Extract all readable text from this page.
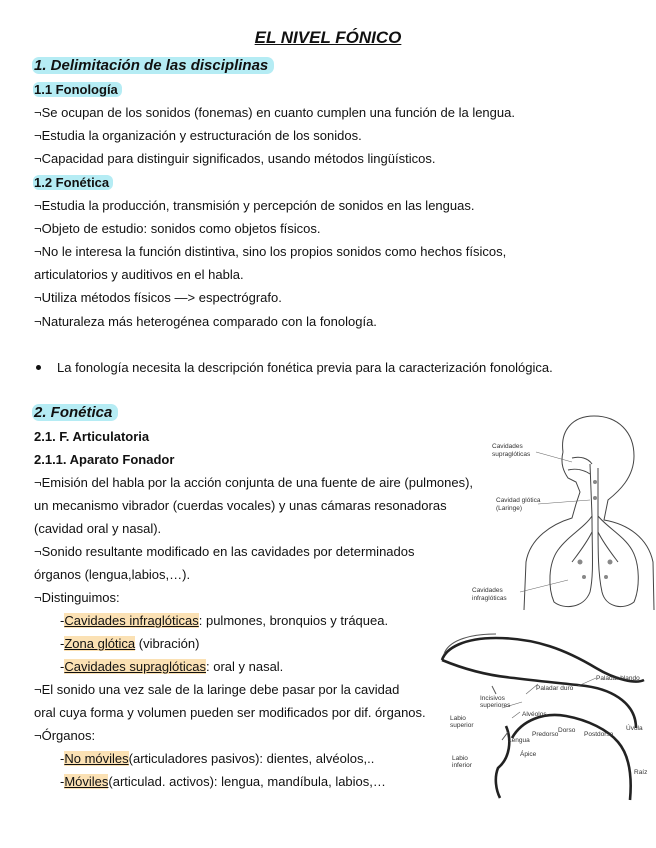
EL NIVEL FÓNICO
1. Delimitación de las disciplinas
1.1 Fonología
¬Se ocupan de los sonidos (fonemas) en cuanto cumplen una función de la lengua.
¬Estudia la organización y estructuración de los sonidos.
¬Capacidad para distinguir significados, usando métodos lingüísticos.
1.2 Fonética
¬Estudia la producción, transmisión y percepción de sonidos en las lenguas.
¬Objeto de estudio: sonidos como objetos físicos.
¬No le interesa la función distintiva, sino los propios sonidos como hechos físicos,
articulatorios y auditivos en el habla.
¬Utiliza métodos físicos —> espectrógrafo.
¬Naturaleza más heterogénea comparado con la fonología.
La fonología necesita la descripción fonética previa para la caracterización fonológica.
2. Fonética
2.1. F. Articulatoria
2.1.1. Aparato Fonador
¬Emisión del habla por la acción conjunta de una fuente de aire (pulmones),
un mecanismo vibrador (cuerdas vocales) y unas cámaras resonadoras
(cavidad oral y nasal).
¬Sonido resultante modificado en las cavidades por determinados
órganos (lengua,labios,…).
¬Distinguimos:
-Cavidades infraglóticas: pulmones, bronquios y tráquea.
-Zona glótica (vibración)
-Cavidades supraglóticas: oral y nasal.
¬El sonido una vez sale de la laringe debe pasar por la cavidad
oral cuya forma y volumen pueden ser modificados por dif. órganos.
¬Órganos:
-No móviles(articuladores pasivos): dientes, alvéolos,..
-Móviles(articulad. activos): lengua, mandíbula, labios,…
Cavidades
supraglóticas
Cavidad glótica
(Laringe)
Cavidades
infraglóticas
Paladar blando
Paladar duro
Incisivos
superiores
Alvéolos
Labio
superior
Lengua
Predorso
Dorso
Postdorso
Ápice
Labio
inferior
Úvula
Raíz
